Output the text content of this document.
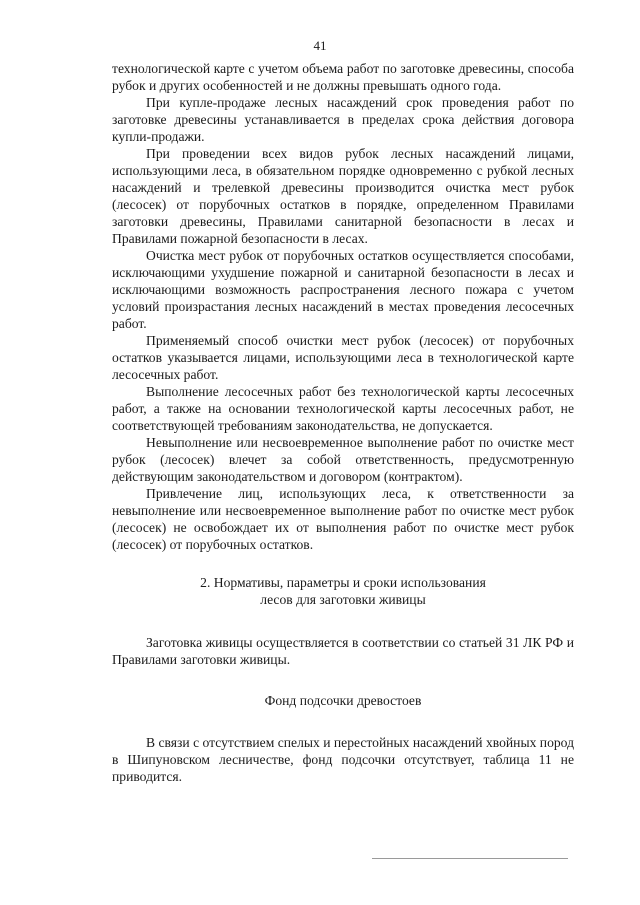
41

технологической карте с учетом объема работ по заготовке древесины, способа рубок и других особенностей и не должны превышать одного года.

При купле-продаже лесных насаждений срок проведения работ по заготовке древесины устанавливается в пределах срока действия договора купли-продажи.

При проведении всех видов рубок лесных насаждений лицами, использующими леса, в обязательном порядке одновременно с рубкой лесных насаждений и трелевкой древесины производится очистка мест рубок (лесосек) от порубочных остатков в порядке, определенном Правилами заготовки древесины, Правилами санитарной безопасности в лесах и Правилами пожарной безопасности в лесах.

Очистка мест рубок от порубочных остатков осуществляется способами, исключающими ухудшение пожарной и санитарной безопасности в лесах и исключающими возможность распространения лесного пожара с учетом условий произрастания лесных насаждений в местах проведения лесосечных работ.

Применяемый способ очистки мест рубок (лесосек) от порубочных остатков указывается лицами, использующими леса в технологической карте лесосечных работ.

Выполнение лесосечных работ без технологической карты лесосечных работ, а также на основании технологической карты лесосечных работ, не соответствующей требованиям законодательства, не допускается.

Невыполнение или несвоевременное выполнение работ по очистке мест рубок (лесосек) влечет за собой ответственность, предусмотренную действующим законодательством и договором (контрактом).

Привлечение лиц, использующих леса, к ответственности за невыполнение или несвоевременное выполнение работ по очистке мест рубок (лесосек) не освобождает их от выполнения работ по очистке мест рубок (лесосек) от порубочных остатков.

2. Нормативы, параметры и сроки использования

лесов для заготовки живицы

Заготовка живицы осуществляется в соответствии со статьей 31 ЛК РФ и Правилами заготовки живицы.

Фонд подсочки древостоев

В связи с отсутствием спелых и перестойных насаждений хвойных пород в Шипуновском лесничестве, фонд подсочки отсутствует, таблица 11 не приводится.
